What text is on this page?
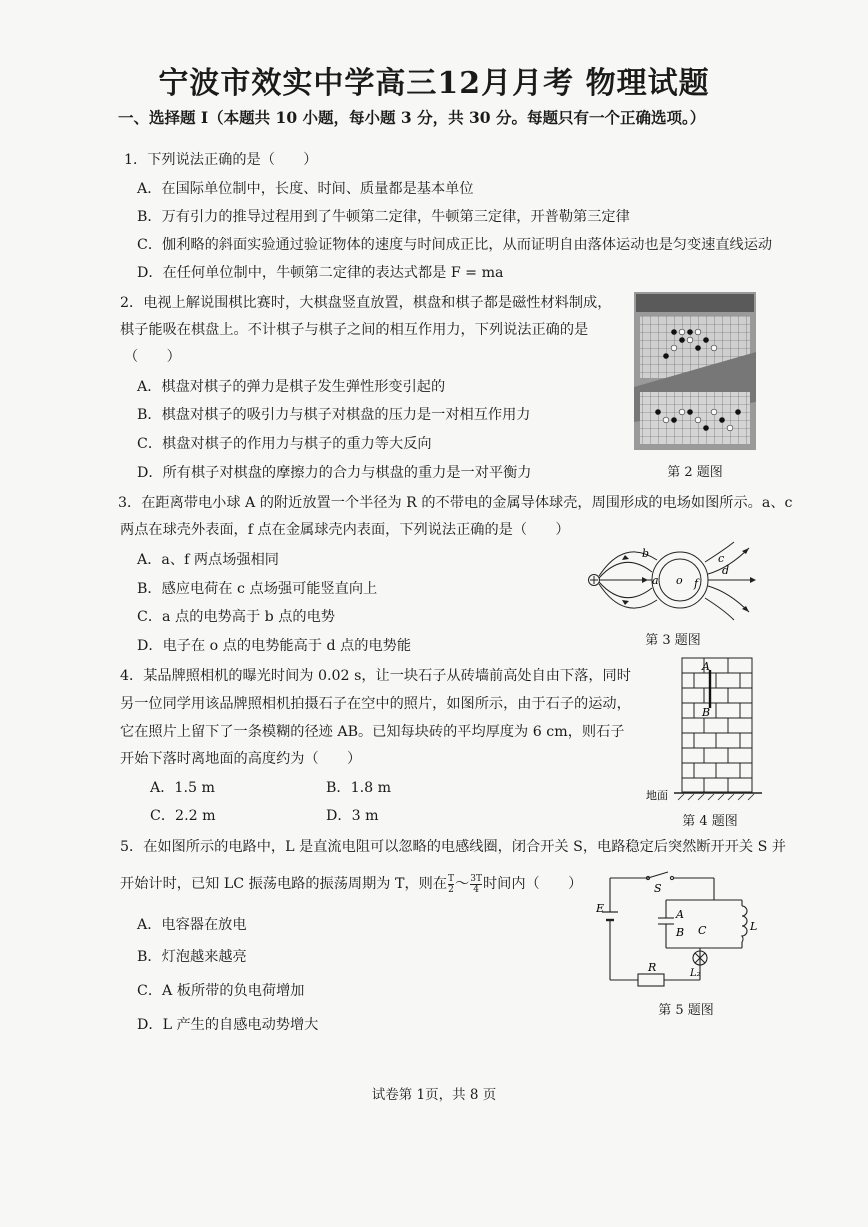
宁波市效实中学高三12月月考 物理试题
一、选择题 Ⅰ（本题共 10 小题，每小题 3 分，共 30 分。每题只有一个正确选项。）
1．下列说法正确的是（　　）
A．在国际单位制中，长度、时间、质量都是基本单位
B．万有引力的推导过程用到了牛顿第二定律，牛顿第三定律，开普勒第三定律
C．伽利略的斜面实验通过验证物体的速度与时间成正比，从而证明自由落体运动也是匀变速直线运动
D．在任何单位制中，牛顿第二定律的表达式都是 F = ma
2．电视上解说围棋比赛时，大棋盘竖直放置，棋盘和棋子都是磁性材料制成，
棋子能吸在棋盘上。不计棋子与棋子之间的相互作用力，下列说法正确的是
（　　）
A．棋盘对棋子的弹力是棋子发生弹性形变引起的
B．棋盘对棋子的吸引力与棋子对棋盘的压力是一对相互作用力
C．棋盘对棋子的作用力与棋子的重力等大反向
D．所有棋子对棋盘的摩擦力的合力与棋盘的重力是一对平衡力	第 2 题图
3．在距离带电小球 A 的附近放置一个半径为 R 的不带电的金属导体球壳，周围形成的电场如图所示。a、c
两点在球壳外表面，f 点在金属球壳内表面，下列说法正确的是（　　）
A．a、f 两点场强相同
B．感应电荷在 c 点场强可能竖直向上
C．a 点的电势高于 b 点的电势
D．电子在 o 点的电势能高于 d 点的电势能
b
a o f
c
d
第 3 题图
4．某品牌照相机的曝光时间为 0.02 s，让一块石子从砖墙前高处自由下落，同时
另一位同学用该品牌照相机拍摄石子在空中的照片，如图所示，由于石子的运动，
它在照片上留下了一条模糊的径迹 AB。已知每块砖的平均厚度为 6 cm，则石子
开始下落时离地面的高度约为（　　）
A．1.5 m	B．1.8 m
C．2.2 m	D．3 m
A
B
地面
第 4 题图
5．在如图所示的电路中，L 是直流电阻可以忽略的电感线圈，闭合开关 S，电路稳定后突然断开开关 S 并
开始计时，已知 LC 振荡电路的振荡周期为 T，则在 $\frac{T}{2}$ ～ $\frac{3T}{4}$ 时间内（　　）
A．电容器在放电
B．灯泡越来越亮
C．A 板所带的负电荷增加
D．L 产生的自感电动势增大
S
E	A
B C	L
L₂
R
第 5 题图
试卷第 1页，共 8 页
